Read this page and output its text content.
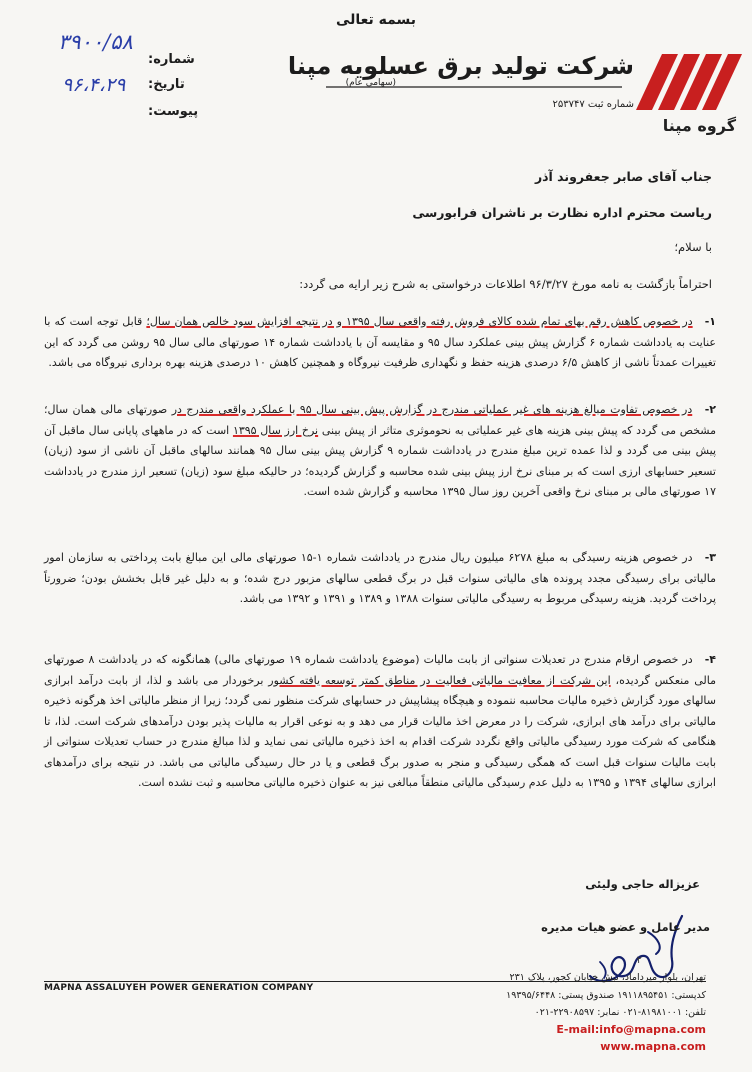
بسمه تعالی
شماره:
تاریخ:
پیوست:
۳۹۰۰/۵۸
۹۶،۴،۲۹
شرکت تولید برق عسلویه مپنا
(سهامی عام)
شماره ثبت ۲۵۳۷۴۷
گروه مپنا
جناب آقای صابر جعفروند آذر
ریاست محترم اداره نظارت بر ناشران فرابورسی
با سلام؛
احتراماً بازگشت به نامه مورخ ۹۶/۳/۲۷ اطلاعات درخواستی به شرح زیر ارایه می گردد:
۱- در خصوص کاهش رقم بهای تمام شده کالای فروش رفته واقعی سال ۱۳۹۵ و در نتیجه افزایش سود خالص همان سال؛ قابل توجه است که با عنایت به یادداشت شماره ۶ گزارش پیش بینی عملکرد سال ۹۵ و مقایسه آن با یادداشت شماره ۱۴ صورتهای مالی سال ۹۵ روشن می گردد که این تغییرات عمدتاً ناشی از کاهش ۶/۵ درصدی هزینه حفظ و نگهداری ظرفیت نیروگاه و همچنین کاهش ۱۰ درصدی هزینه بهره برداری نیروگاه می باشد.
۲- در خصوص تفاوت مبالغ هزینه های غیر عملیاتی مندرج در گزارش پیش بینی سال ۹۵ با عملکرد واقعی مندرج در صورتهای مالی همان سال؛ مشخص می گردد که پیش بینی هزینه های غیر عملیاتی به نحوموثری متاثر از پیش بینی نرخ ارز سال ۱۳۹۵ است که در ماههای پایانی سال ماقبل آن پیش بینی می گردد و لذا عمده ترین مبلغ مندرج در یادداشت شماره ۹ گزارش پیش بینی سال ۹۵ همانند سالهای ماقبل آن ناشی از سود (زیان) تسعیر حسابهای ارزی است که بر مبنای نرخ ارز پیش بینی شده محاسبه و گزارش گردیده؛ در حالیکه مبلغ سود (زیان) تسعیر ارز مندرج در یادداشت ۱۷ صورتهای مالی بر مبنای نرخ واقعی آخرین روز سال ۱۳۹۵ محاسبه و گزارش شده است.
۳- در خصوص هزینه رسیدگی به مبلغ ۶۲۷۸ میلیون ریال مندرج در یادداشت شماره ۱-۱۵ صورتهای مالی این مبالغ بابت پرداختی به سازمان امور مالیاتی برای رسیدگی مجدد پرونده های مالیاتی سنوات قبل در برگ قطعی سالهای مزبور درج شده؛ و به دلیل غیر قابل بخشش بودن؛ ضرورتاً پرداخت گردید. هزینه رسیدگی مربوط به رسیدگی مالیاتی سنوات ۱۳۸۸ و ۱۳۸۹ و ۱۳۹۱ و ۱۳۹۲ می باشد.
۴- در خصوص ارقام مندرج در تعدیلات سنواتی از بابت مالیات (موضوع یادداشت شماره ۱۹ صورتهای مالی) همانگونه که در یادداشت ۸ صورتهای مالی منعکس گردیده، این شرکت از معافیت مالیاتی فعالیت در مناطق کمتر توسعه یافته کشور برخوردار می باشد و لذا، از بابت درآمد ابرازی سالهای مورد گزارش ذخیره مالیات محاسبه ننموده و هیچگاه پیشاپیش در حسابهای شرکت منظور نمی گردد؛ زیرا از منظر مالیاتی اخذ هرگونه ذخیره مالیاتی برای درآمد های ابرازی، شرکت را در معرض اخذ مالیات قرار می دهد و به نوعی اقرار به مالیات پذیر بودن درآمدهای شرکت است. لذا، تا هنگامی که شرکت مورد رسیدگی مالیاتی واقع نگردد شرکت اقدام به اخذ ذخیره مالیاتی نمی نماید و لذا مبالغ مندرج در حساب تعدیلات سنواتی از بابت مالیات سنوات قبل است که همگی رسیدگی و منجر به صدور برگ قطعی و یا در حال رسیدگی مالیاتی می باشد. در نتیجه برای درآمدهای ابرازی سالهای ۱۳۹۴ و ۱۳۹۵ به دلیل عدم رسیدگی مالیاتی منطقاً مبالغی نیز به عنوان ذخیره مالیاتی محاسبه و ثبت نشده است.
عزیزاله حاجی ولیئی
مدیر عامل و عضو هیات مدیره
۲
MAPNA ASSALUYEH POWER GENERATION COMPANY
تهران، بلوار میرداماد، نبش خیابان کجور، پلاک ۲۳۱
کدپستی: ۱۹۱۱۸۹۵۴۵۱ صندوق پستی: ۱۹۳۹۵/۶۴۴۸
تلفن: ۸۱۹۸۱۰۰۱-۰۲۱ نمابر: ۲۲۹۰۸۵۹۷-۰۲۱
E-mail:info@mapna.com
www.mapna.com
